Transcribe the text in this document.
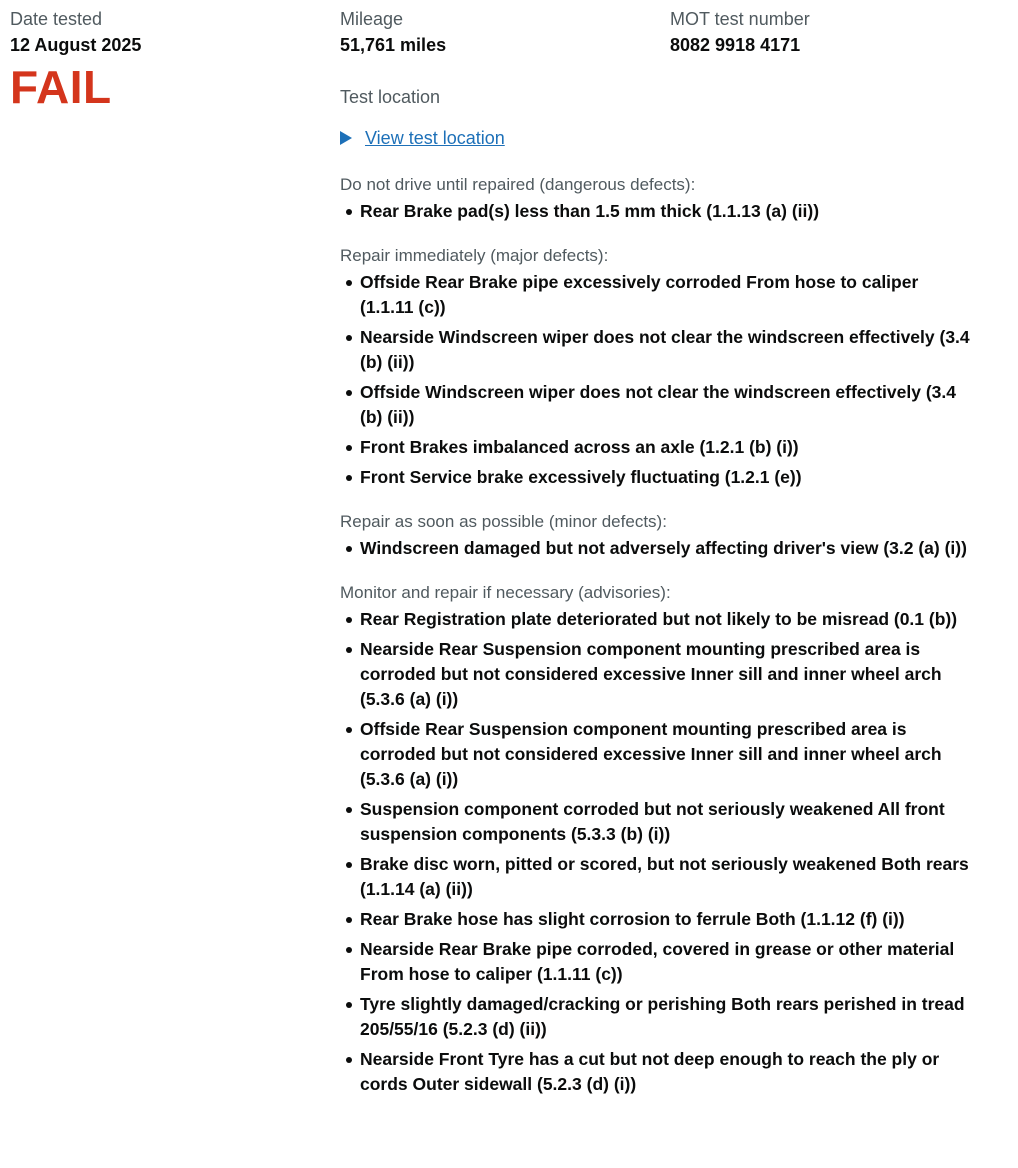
Date tested
12 August 2025
FAIL
Mileage
51,761 miles
Test location
View test location
Do not drive until repaired (dangerous defects):
Rear Brake pad(s) less than 1.5 mm thick (1.1.13 (a) (ii))
Repair immediately (major defects):
Offside Rear Brake pipe excessively corroded From hose to caliper (1.1.11 (c))
Nearside Windscreen wiper does not clear the windscreen effectively (3.4 (b) (ii))
Offside Windscreen wiper does not clear the windscreen effectively (3.4 (b) (ii))
Front Brakes imbalanced across an axle (1.2.1 (b) (i))
Front Service brake excessively fluctuating (1.2.1 (e))
Repair as soon as possible (minor defects):
Windscreen damaged but not adversely affecting driver's view (3.2 (a) (i))
Monitor and repair if necessary (advisories):
Rear Registration plate deteriorated but not likely to be misread (0.1 (b))
Nearside Rear Suspension component mounting prescribed area is corroded but not considered excessive Inner sill and inner wheel arch (5.3.6 (a) (i))
Offside Rear Suspension component mounting prescribed area is corroded but not considered excessive Inner sill and inner wheel arch (5.3.6 (a) (i))
Suspension component corroded but not seriously weakened All front suspension components (5.3.3 (b) (i))
Brake disc worn, pitted or scored, but not seriously weakened Both rears (1.1.14 (a) (ii))
Rear Brake hose has slight corrosion to ferrule Both (1.1.12 (f) (i))
Nearside Rear Brake pipe corroded, covered in grease or other material From hose to caliper (1.1.11 (c))
Tyre slightly damaged/cracking or perishing Both rears perished in tread 205/55/16 (5.2.3 (d) (ii))
Nearside Front Tyre has a cut but not deep enough to reach the ply or cords Outer sidewall (5.2.3 (d) (i))
MOT test number
8082 9918 4171
